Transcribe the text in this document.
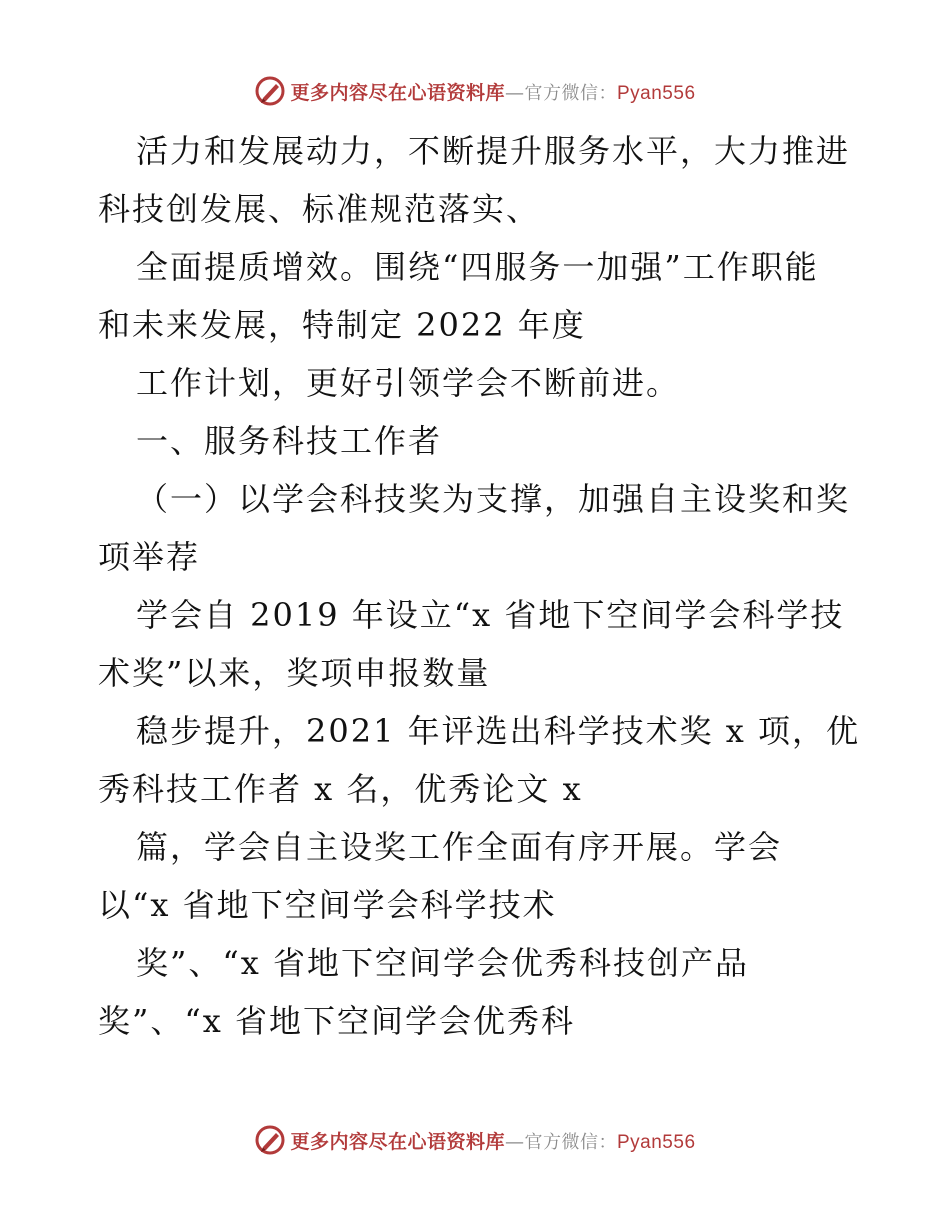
更多内容尽在心语资料库—官方微信：Pyan556
活力和发展动力，不断提升服务水平，大力推进
科技创发展、标准规范落实、
全面提质增效。围绕“四服务一加强”工作职能
和未来发展，特制定 2022 年度
工作计划，更好引领学会不断前进。
一、服务科技工作者
（一）以学会科技奖为支撑，加强自主设奖和奖
项举荐
学会自 2019 年设立“x 省地下空间学会科学技
术奖”以来，奖项申报数量
稳步提升，2021 年评选出科学技术奖 x 项，优
秀科技工作者 x 名，优秀论文 x
篇，学会自主设奖工作全面有序开展。学会
以“x 省地下空间学会科学技术
奖”、“x 省地下空间学会优秀科技创产品
奖”、“x 省地下空间学会优秀科
更多内容尽在心语资料库—官方微信：Pyan556
